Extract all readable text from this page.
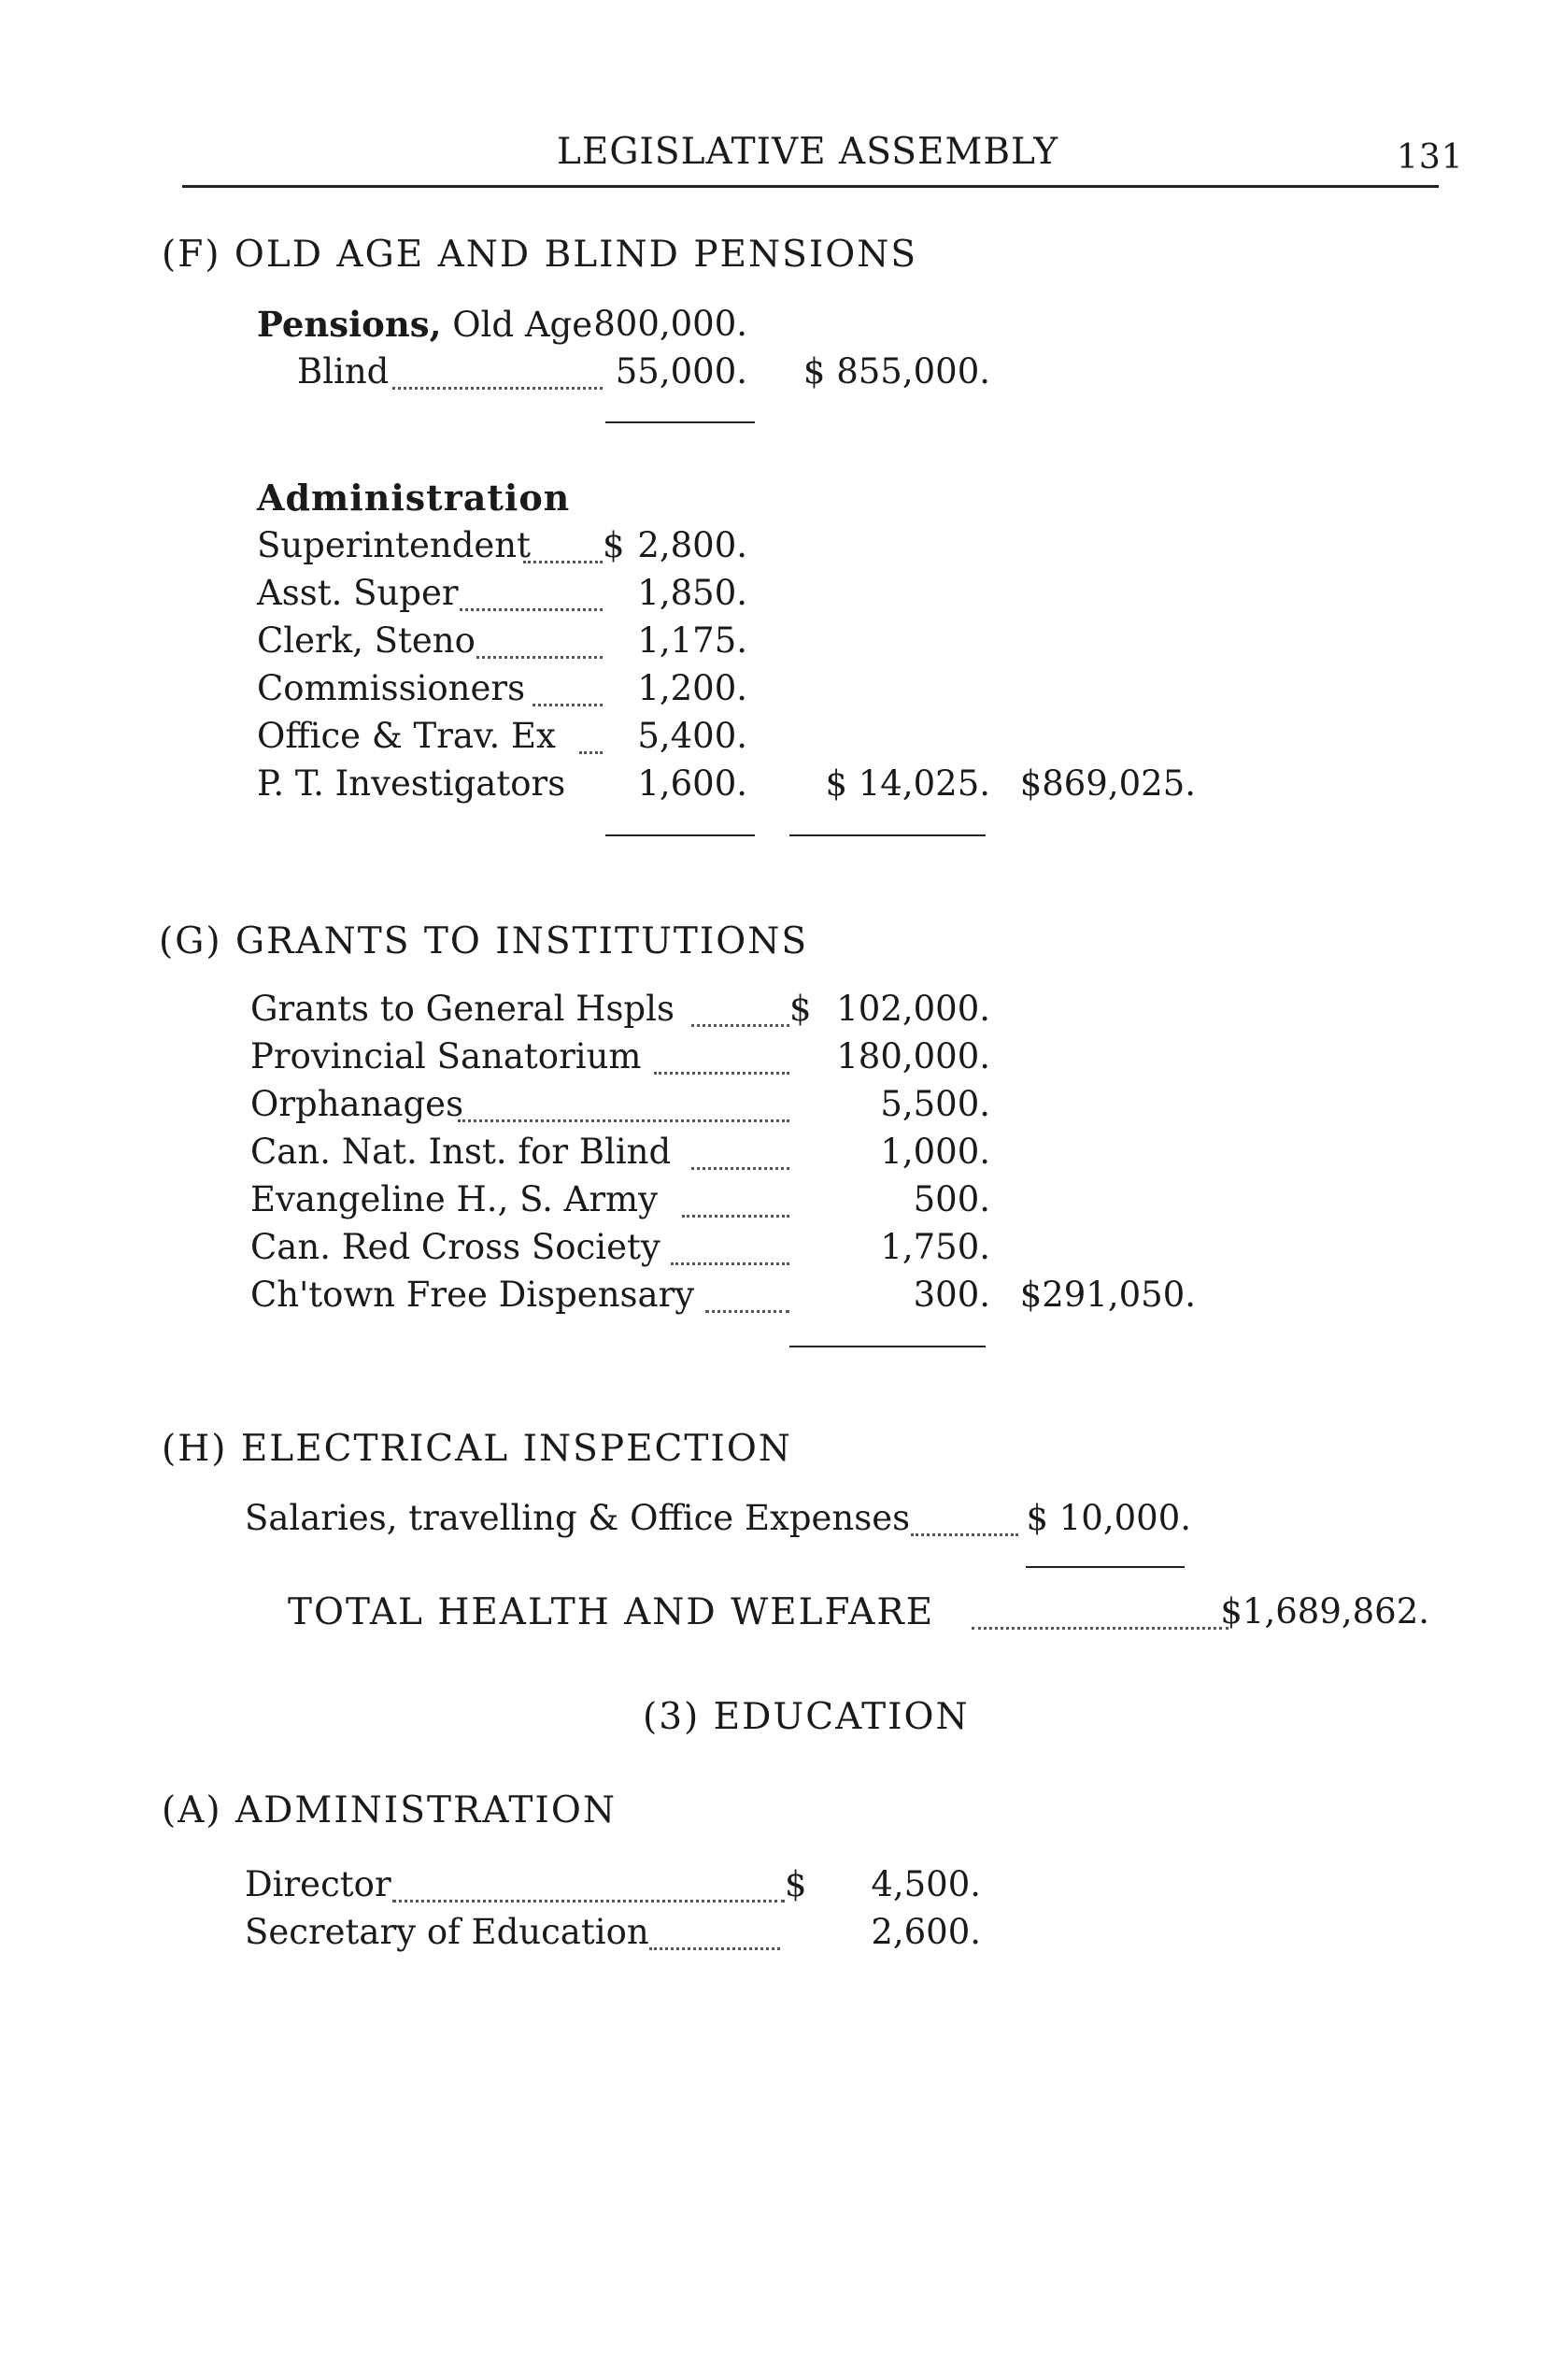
LEGISLATIVE ASSEMBLY	131
(F) OLD AGE AND BLIND PENSIONS
Pensions, Old Age 800,000.
Blind	55,000.	$ 855,000.
Administration
Superintendent $ 2,800.
Asst. Super	1,850.
Clerk, Steno	1,175.
Commissioners	1,200.
Office & Trav. Ex	5,400.
P. T. Investigators	1,600.	$ 14,025. $869,025.
(G) GRANTS TO INSTITUTIONS
Grants to General Hspls	$ 102,000.
Provincial Sanatorium	180,000.
Orphanages	5,500.
Can. Nat. Inst. for Blind	1,000.
Evangeline H., S. Army	500.
Can. Red Cross Society	1,750.
Ch'town Free Dispensary	300. $291,050.
(H) ELECTRICAL INSPECTION
Salaries, travelling & Office Expenses	$ 10,000.
TOTAL HEALTH AND WELFARE	$1,689,862.
(3) EDUCATION
(A) ADMINISTRATION
Director	$	4,500.
Secretary of Education	2,600.
